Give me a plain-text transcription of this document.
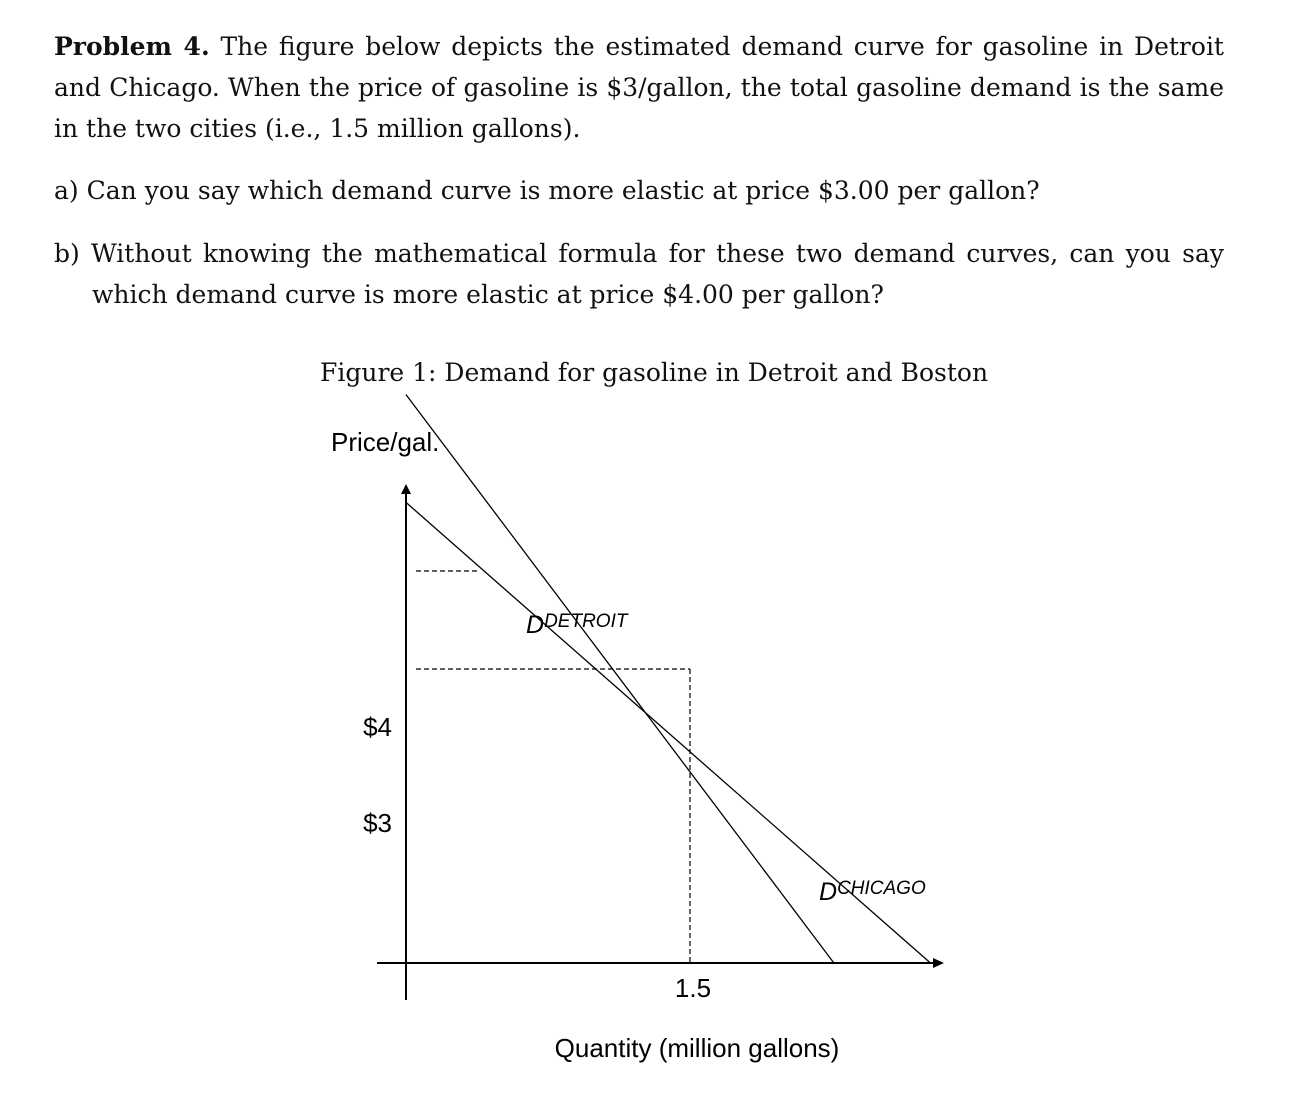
Problem 4. The figure below depicts the estimated demand curve for gasoline in Detroit and Chicago. When the price of gasoline is $3/gallon, the total gasoline demand is the same in the two cities (i.e., 1.5 million gallons).
a) Can you say which demand curve is more elastic at price $3.00 per gallon?
b) Without knowing the mathematical formula for these two demand curves, can you say which demand curve is more elastic at price $4.00 per gallon?
Figure 1: Demand for gasoline in Detroit and Boston
Price/gal.
Quantity (million gallons)
$4
$3
1.5
DDETROIT
DCHICAGO
